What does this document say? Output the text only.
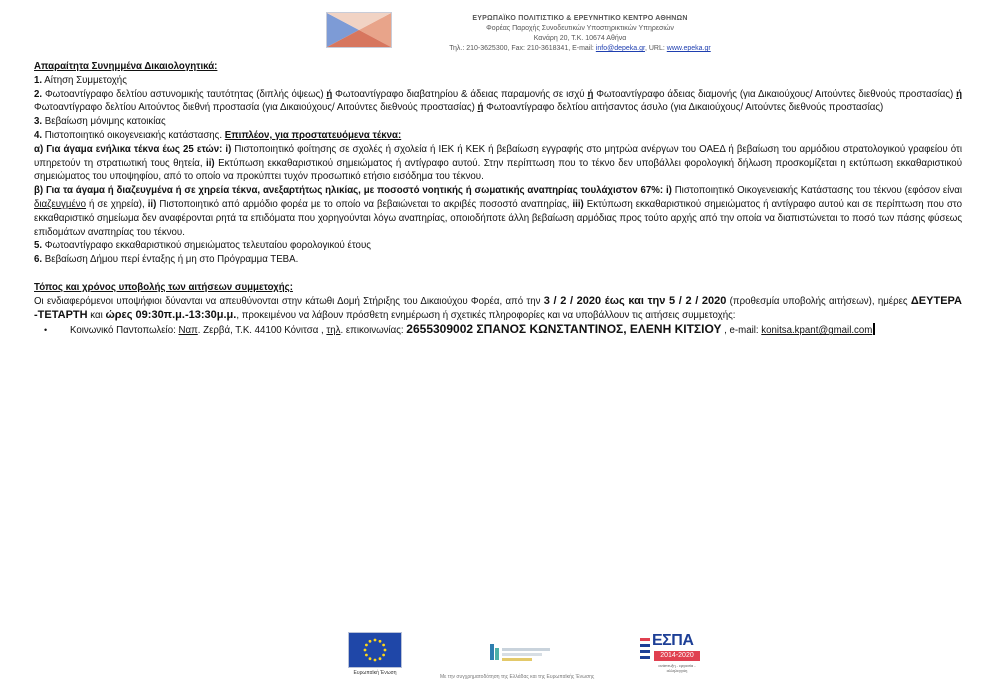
ΕΥΡΩΠΑΪΚΟ ΠΟΛΙΤΙΣΤΙΚΟ & ΕΡΕΥΝΗΤΙΚΟ ΚΕΝΤΡΟ ΑΘΗΝΩΝ
Φορέας Παροχής Συνοδευτικών Υποστηρικτικών Υπηρεσιών
Κανάρη 20, Τ.Κ. 10674 Αθήνα
Τηλ.: 210-3625300, Fax: 210-3618341, E-mail: info@depeka.gr, URL: www.epeka.gr

Απαραίτητα Συνημμένα Δικαιολογητικά:

1. Αίτηση Συμμετοχής

2. Φωτοαντίγραφο δελτίου αστυνομικής ταυτότητας (διπλής όψεως) ή Φωτοαντίγραφο διαβατηρίου & άδειας παραμονής σε ισχύ ή Φωτοαντίγραφο άδειας διαμονής (για Δικαιούχους/ Αιτούντες διεθνούς προστασίας) ή Φωτοαντίγραφο δελτίου Αιτούντος διεθνή προστασία (για Δικαιούχους/ Αιτούντες διεθνούς προστασίας) ή Φωτοαντίγραφο δελτίου αιτήσαντος άσυλο (για Δικαιούχους/ Αιτούντες διεθνούς προστασίας)

3. Βεβαίωση μόνιμης κατοικίας

4. Πιστοποιητικό οικογενειακής κατάστασης. Επιπλέον, για προστατευόμενα τέκνα:

α) Για άγαμα ενήλικα τέκνα έως 25 ετών: i) Πιστοποιητικό φοίτησης σε σχολές ή σχολεία ή ΙΕΚ ή ΚΕΚ ή βεβαίωση εγγραφής στο μητρώα ανέργων του ΟΑΕΔ ή βεβαίωση του αρμόδιου στρατολογικού γραφείου ότι υπηρετούν τη στρατιωτική τους θητεία, ii) Εκτύπωση εκκαθαριστικού σημειώματος ή αντίγραφο αυτού. Στην περίπτωση που το τέκνο δεν υποβάλλει φορολογική δήλωση προσκομίζεται η εκτύπωση εκκαθαριστικού σημειώματος του υποψηφίου, από το οποίο να προκύπτει τυχόν προσωπικό ετήσιο εισόδημα του τέκνου.

β) Για τα άγαμα ή διαζευγμένα ή σε χηρεία τέκνα, ανεξαρτήτως ηλικίας, με ποσοστό νοητικής ή σωματικής αναπηρίας τουλάχιστον 67%: i) Πιστοποιητικό Οικογενειακής Κατάστασης του τέκνου (εφόσον είναι διαζευγμένο ή σε χηρεία), ii) Πιστοποιητικό από αρμόδιο φορέα με το οποίο να βεβαιώνεται το ακριβές ποσοστό αναπηρίας, iii) Εκτύπωση εκκαθαριστικού σημειώματος ή αντίγραφο αυτού και σε περίπτωση που στο εκκαθαριστικό σημείωμα δεν αναφέρονται ρητά τα επιδόματα που χορηγούνται λόγω αναπηρίας, οποιοδήποτε άλλη βεβαίωση αρμόδιας προς τούτο αρχής από την οποία να διαπιστώνεται το ποσό των πάσης φύσεως επιδομάτων αναπηρίας του τέκνου.

5. Φωτοαντίγραφο εκκαθαριστικού σημειώματος τελευταίου φορολογικού έτους

6. Βεβαίωση Δήμου περί ένταξης ή μη στο Πρόγραμμα ΤΕΒΑ.

Τόπος και χρόνος υποβολής των αιτήσεων συμμετοχής:

Οι ενδιαφερόμενοι υποψήφιοι δύνανται να απευθύνονται στην κάτωθι Δομή Στήριξης του Δικαιούχου Φορέα, από την 3 / 2 / 2020 έως και την 5 / 2 / 2020 (προθεσμία υποβολής αιτήσεων), ημέρες ΔΕΥΤΕΡΑ -ΤΕΤΑΡΤΗ και ώρες 09:30π.μ.-13:30μ.μ., προκειμένου να λάβουν πρόσθετη ενημέρωση ή σχετικές πληροφορίες και να υποβάλλουν τις αιτήσεις συμμετοχής:

•	Κοινωνικό Παντοπωλείο: Ναπ. Ζερβά, Τ.Κ. 44100 Κόνιτσα , τηλ. επικοινωνίας: 2655309002 ΣΠΑΝΟΣ ΚΩΝΣΤΑΝΤΙΝΟΣ, ΕΛΕΝΗ ΚΙΤΣΙΟΥ , e-mail: konitsa.kpant@gmail.com
Ευρωπαϊκή Ένωση
ΕΣΠΑ
2014-2020
ανάπτυξη - εργασία - αλληλεγγύη
Με την συγχρηματοδότηση της Ελλάδας και της Ευρωπαϊκής Ένωσης
